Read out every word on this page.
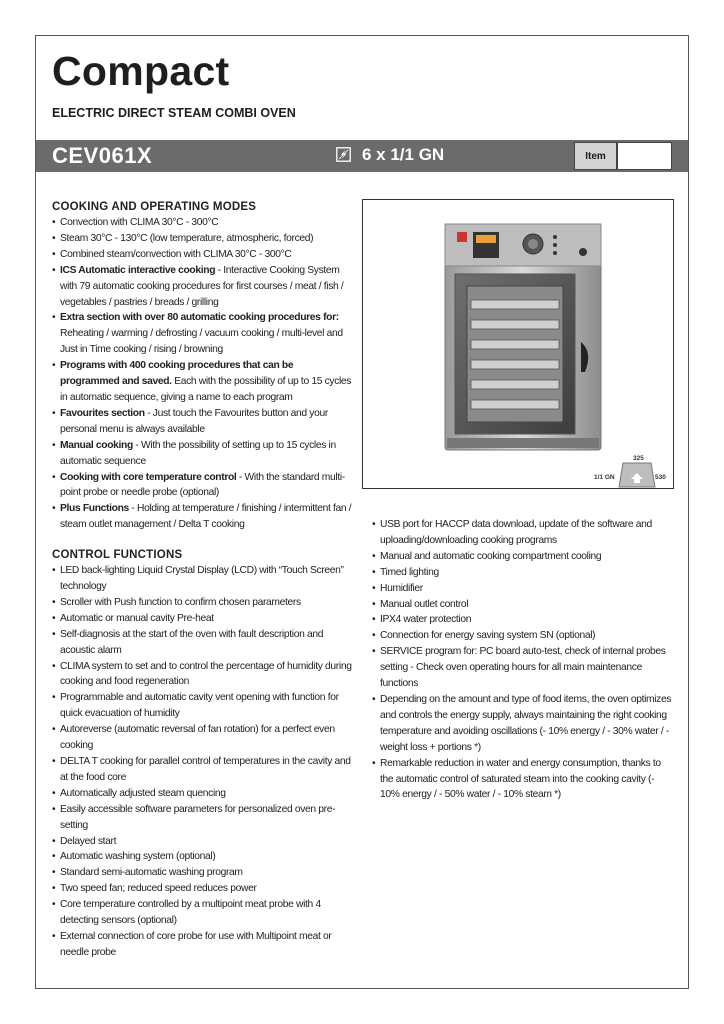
Compact
ELECTRIC DIRECT STEAM COMBI OVEN
CEV061X	6 x 1/1 GN	Item
COOKING AND OPERATING MODES
• Convection with CLIMA 30°C - 300°C
• Steam 30°C - 130°C (low temperature, atmospheric, forced)
• Combined steam/convection with CLIMA 30°C - 300°C
• ICS Automatic interactive cooking - Interactive Cooking System with 79 automatic cooking procedures for first courses / meat / fish / vegetables / pastries / breads / grilling
• Extra section with over 80 automatic cooking procedures for: Reheating / warming / defrosting / vacuum cooking / multi-level and Just in Time cooking / rising / browning
• Programs with 400 cooking procedures that can be programmed and saved. Each with the possibility of up to 15 cycles in automatic sequence, giving a name to each program
• Favourites section - Just touch the Favourites button and your personal menu is always available
• Manual cooking - With the possibility of setting up to 15 cycles in automatic sequence
• Cooking with core temperature control - With the standard multi-point probe or needle probe (optional)
• Plus Functions - Holding at temperature / finishing / intermittent fan / steam outlet management / Delta T cooking
CONTROL FUNCTIONS
• LED back-lighting Liquid Crystal Display (LCD) with “Touch Screen” technology
• Scroller with Push function to confirm chosen parameters
• Automatic or manual cavity Pre-heat
• Self-diagnosis at the start of the oven with fault description and acoustic alarm
• CLIMA system to set and to control the percentage of humidity during cooking and food regeneration
• Programmable and automatic cavity vent opening with function for quick evacuation of humidity
• Autoreverse (automatic reversal of fan rotation) for a perfect even cooking
• DELTA T cooking for parallel control of temperatures in the cavity and at the food core
• Automatically adjusted steam quencing
• Easily accessible software parameters for personalized oven pre-setting
• Delayed start
• Automatic washing system (optional)
• Standard semi-automatic washing program
• Two speed fan; reduced speed reduces power
• Core temperature controlled by a multipoint meat probe with 4 detecting sensors (optional)
• External connection of core probe for use with Multipoint meat or needle probe
325
530
1/1 GN
• USB port for HACCP data download, update of the software and uploading/downloading cooking programs
• Manual and automatic cooking compartment cooling
• Timed lighting
• Humidifier
• Manual outlet control
• IPX4 water protection
• Connection for energy saving system SN (optional)
• SERVICE program for: PC board auto-test, check of internal probes setting - Check oven operating hours for all main maintenance functions
• Depending on the amount and type of food items, the oven optimizes and controls the energy supply, always maintaining the right cooking temperature and avoiding oscillations (- 10% energy / - 30% water / - weight loss + portions *)
• Remarkable reduction in water and energy consumption, thanks to the automatic control of saturated steam into the cooking cavity (- 10% energy / - 50% water / - 10% steam *)
